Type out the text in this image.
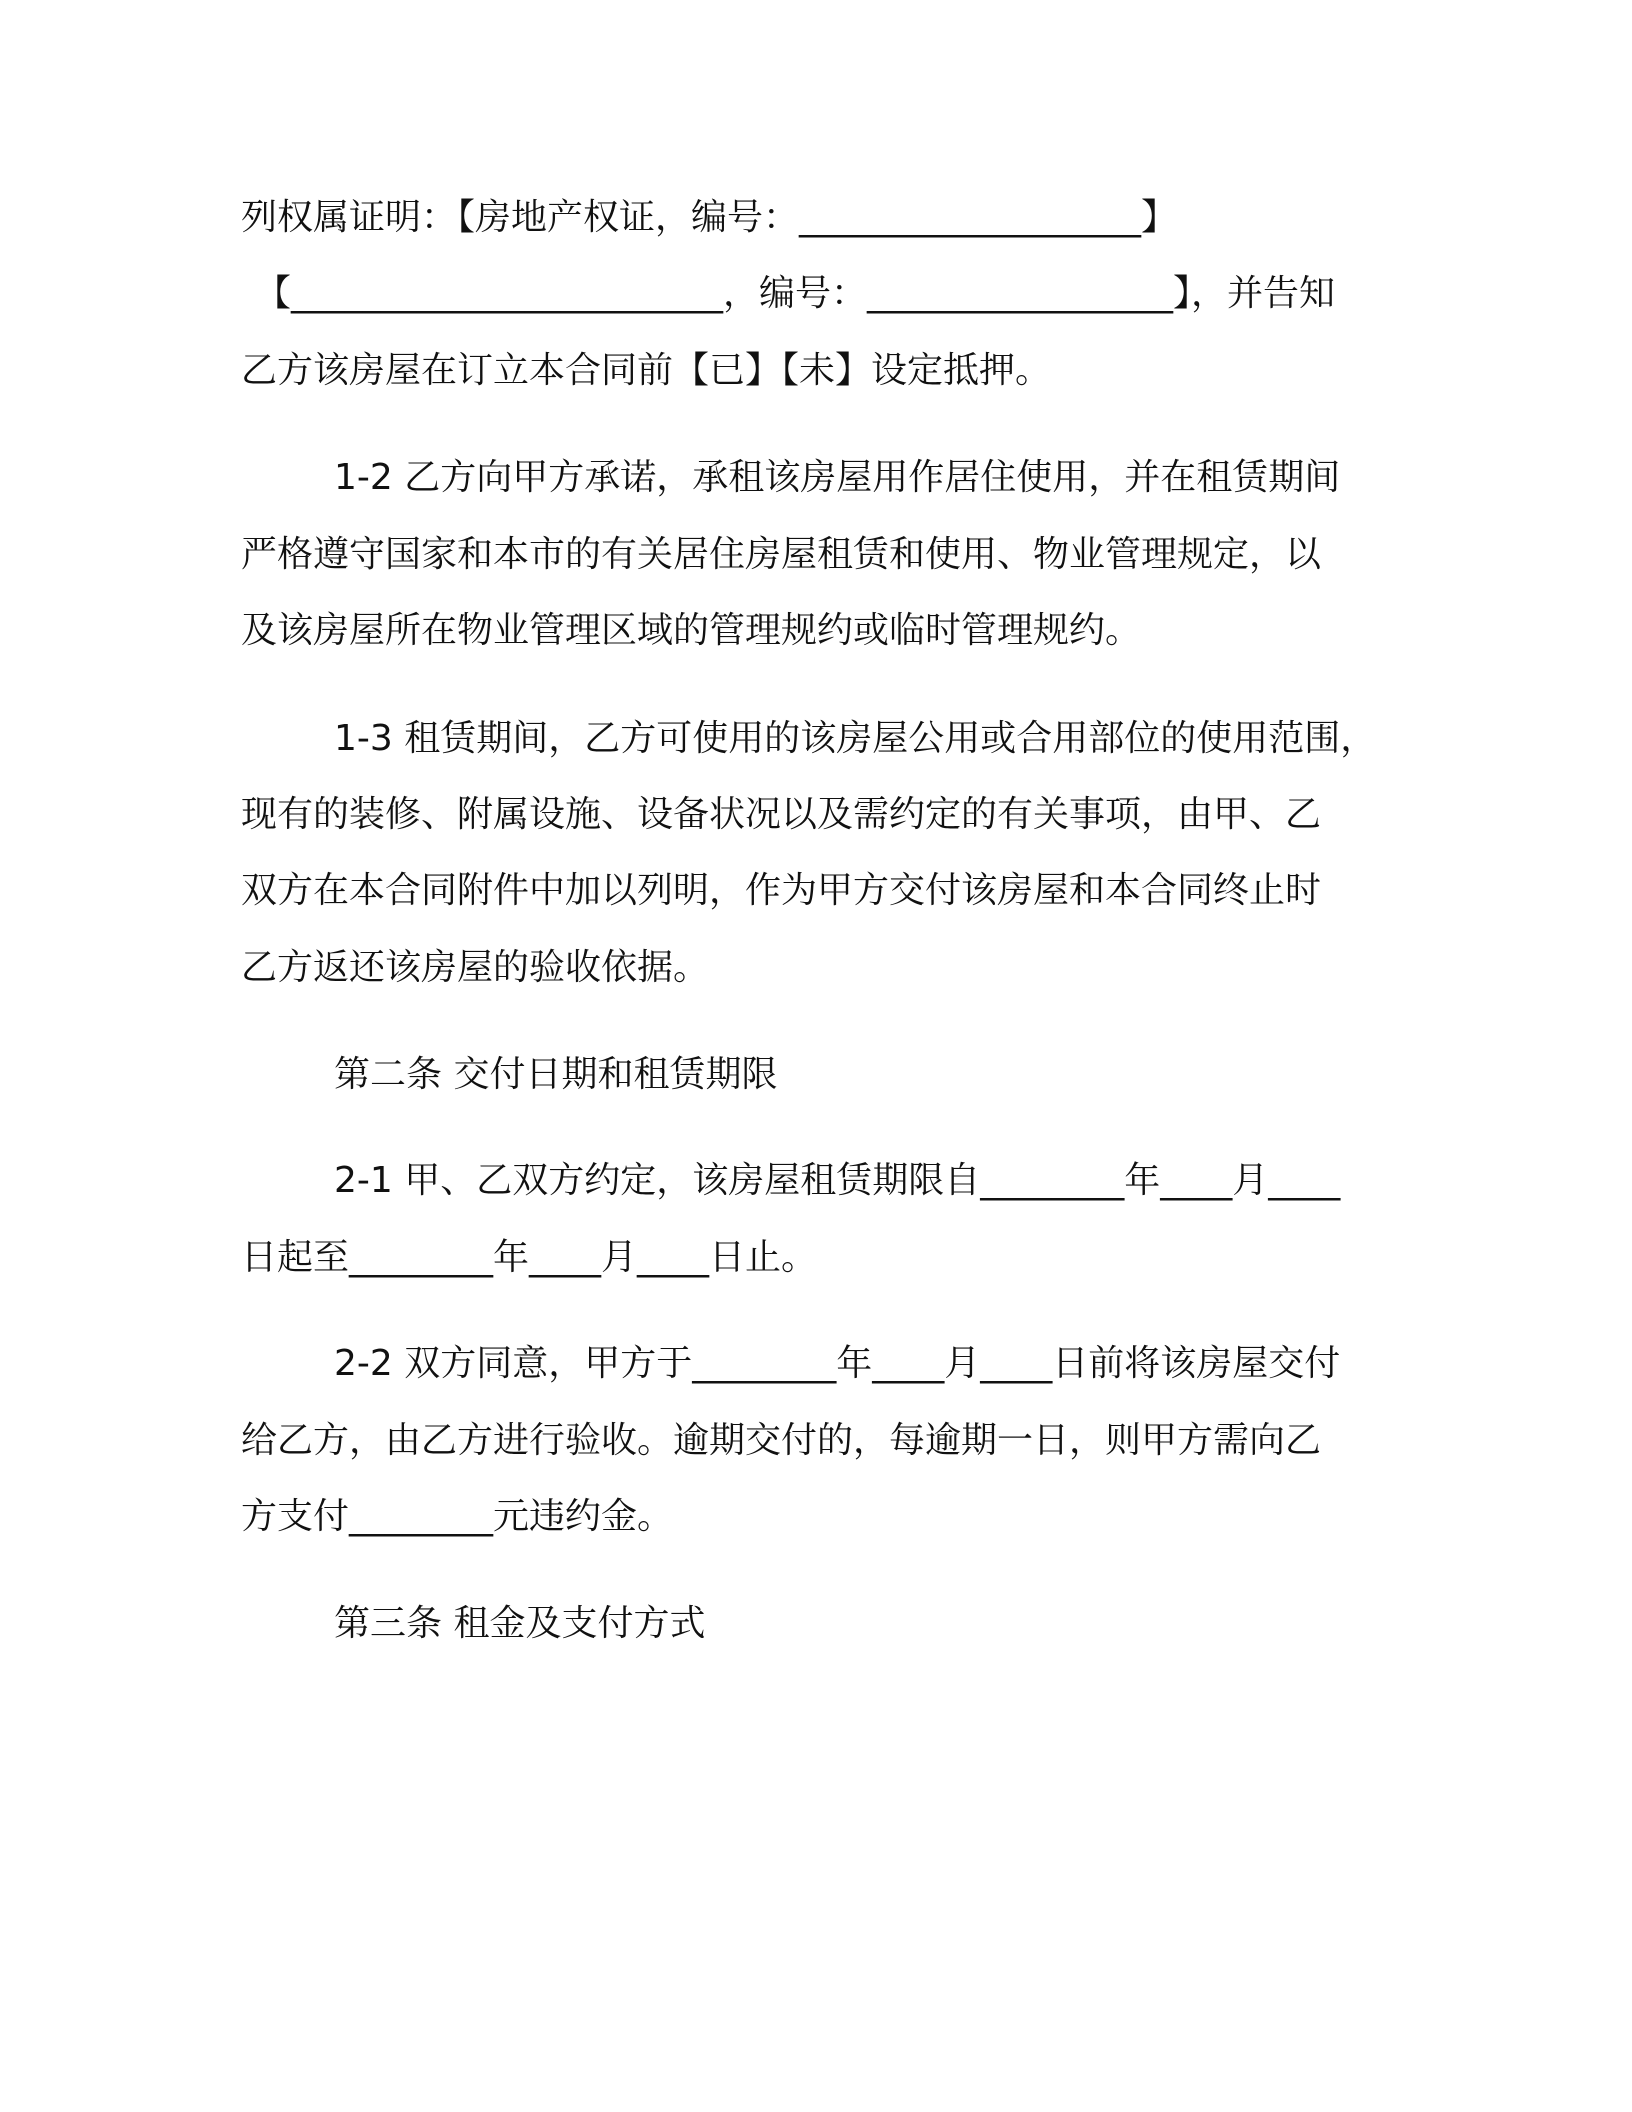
列权属证明：【房地产权证，编号：___________________】

【________________________，编号：_________________】，并告知

乙方该房屋在订立本合同前【已】【未】设定抵押。

1-2 乙方向甲方承诺，承租该房屋用作居住使用，并在租赁期间

严格遵守国家和本市的有关居住房屋租赁和使用、物业管理规定，以

及该房屋所在物业管理区域的管理规约或临时管理规约。

1-3 租赁期间，乙方可使用的该房屋公用或合用部位的使用范围，

现有的装修、附属设施、设备状况以及需约定的有关事项，由甲、乙

双方在本合同附件中加以列明，作为甲方交付该房屋和本合同终止时

乙方返还该房屋的验收依据。

第二条 交付日期和租赁期限

2-1 甲、乙双方约定，该房屋租赁期限自________年____月____

日起至________年____月____日止。

2-2 双方同意，甲方于________年____月____日前将该房屋交付

给乙方，由乙方进行验收。逾期交付的，每逾期一日，则甲方需向乙

方支付________元违约金。

第三条 租金及支付方式
